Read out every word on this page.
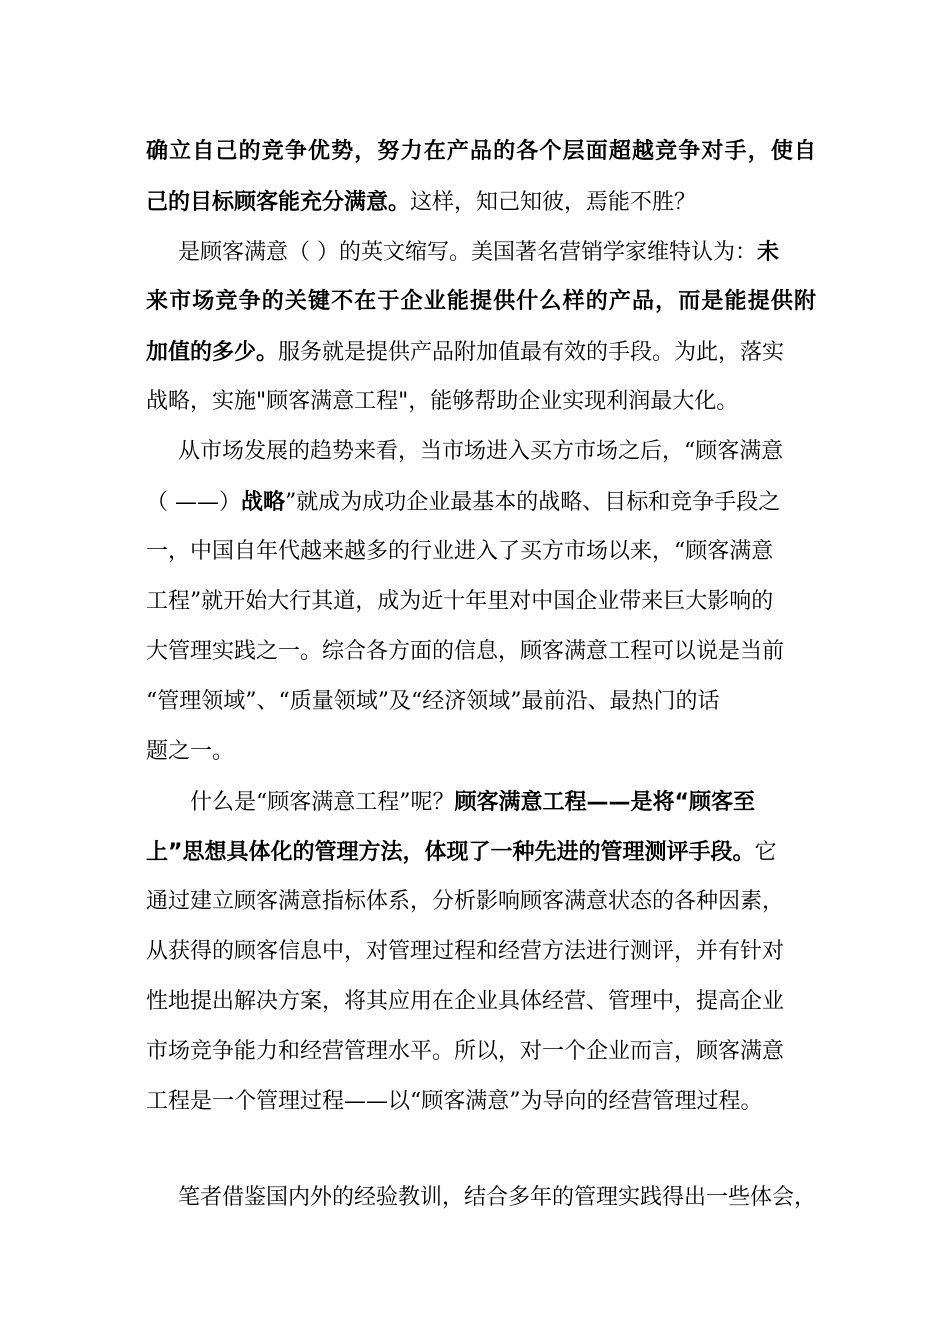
确立自己的竞争优势，努力在产品的各个层面超越竞争对手，使自
己的目标顾客能充分满意。这样，知己知彼，焉能不胜？
是顾客满意（ ）的英文缩写。美国著名营销学家维特认为：未
来市场竞争的关键不在于企业能提供什么样的产品，而是能提供附
加值的多少。服务就是提供产品附加值最有效的手段。为此，落实
战略，实施"顾客满意工程"，能够帮助企业实现利润最大化。
从市场发展的趋势来看，当市场进入买方市场之后，“顾客满意
（ ——）战略”就成为成功企业最基本的战略、目标和竞争手段之
一，中国自年代越来越多的行业进入了买方市场以来，“顾客满意
工程”就开始大行其道，成为近十年里对中国企业带来巨大影响的
大管理实践之一。综合各方面的信息，顾客满意工程可以说是当前
“管理领域”、“质量领域”及“经济领域”最前沿、最热门的话
题之一。
什么是“顾客满意工程”呢？顾客满意工程——是将“顾客至
上”思想具体化的管理方法，体现了一种先进的管理测评手段。它
通过建立顾客满意指标体系，分析影响顾客满意状态的各种因素，
从获得的顾客信息中，对管理过程和经营方法进行测评，并有针对
性地提出解决方案，将其应用在企业具体经营、管理中，提高企业
市场竞争能力和经营管理水平。所以，对一个企业而言，顾客满意
工程是一个管理过程——以“顾客满意”为导向的经营管理过程。
笔者借鉴国内外的经验教训，结合多年的管理实践得出一些体会，
